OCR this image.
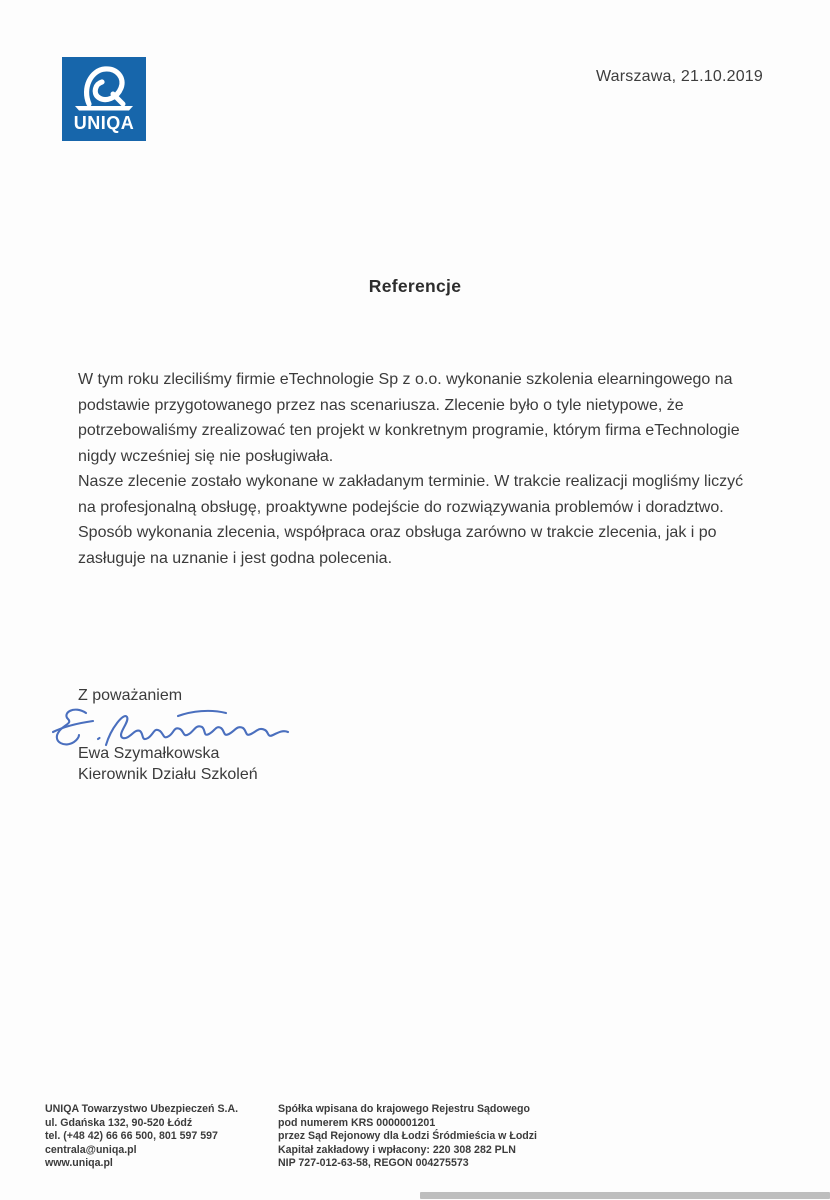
UNIQA
Warszawa, 21.10.2019
Referencje

W tym roku zleciliśmy firmie eTechnologie Sp z o.o. wykonanie szkolenia elearningowego na podstawie przygotowanego przez nas scenariusza. Zlecenie było o tyle nietypowe, że potrzebowaliśmy zrealizować ten projekt w konkretnym programie, którym firma eTechnologie nigdy wcześniej się nie posługiwała.

Nasze zlecenie zostało wykonane w zakładanym terminie. W trakcie realizacji mogliśmy liczyć na profesjonalną obsługę, proaktywne podejście do rozwiązywania problemów i doradztwo.

Sposób wykonania zlecenia, współpraca oraz obsługa zarówno w trakcie zlecenia, jak i po zasługuje na uznanie i jest godna polecenia.

Z poważaniem
Ewa Szymałkowska
Kierownik Działu Szkoleń
UNIQA Towarzystwo Ubezpieczeń S.A.
ul. Gdańska 132, 90-520 Łódź
tel. (+48 42) 66 66 500, 801 597 597
centrala@uniqa.pl
www.uniqa.pl
Spółka wpisana do krajowego Rejestru Sądowego
pod numerem KRS 0000001201
przez Sąd Rejonowy dla Łodzi Śródmieścia w Łodzi
Kapitał zakładowy i wpłacony: 220 308 282 PLN
NIP 727-012-63-58, REGON 004275573
